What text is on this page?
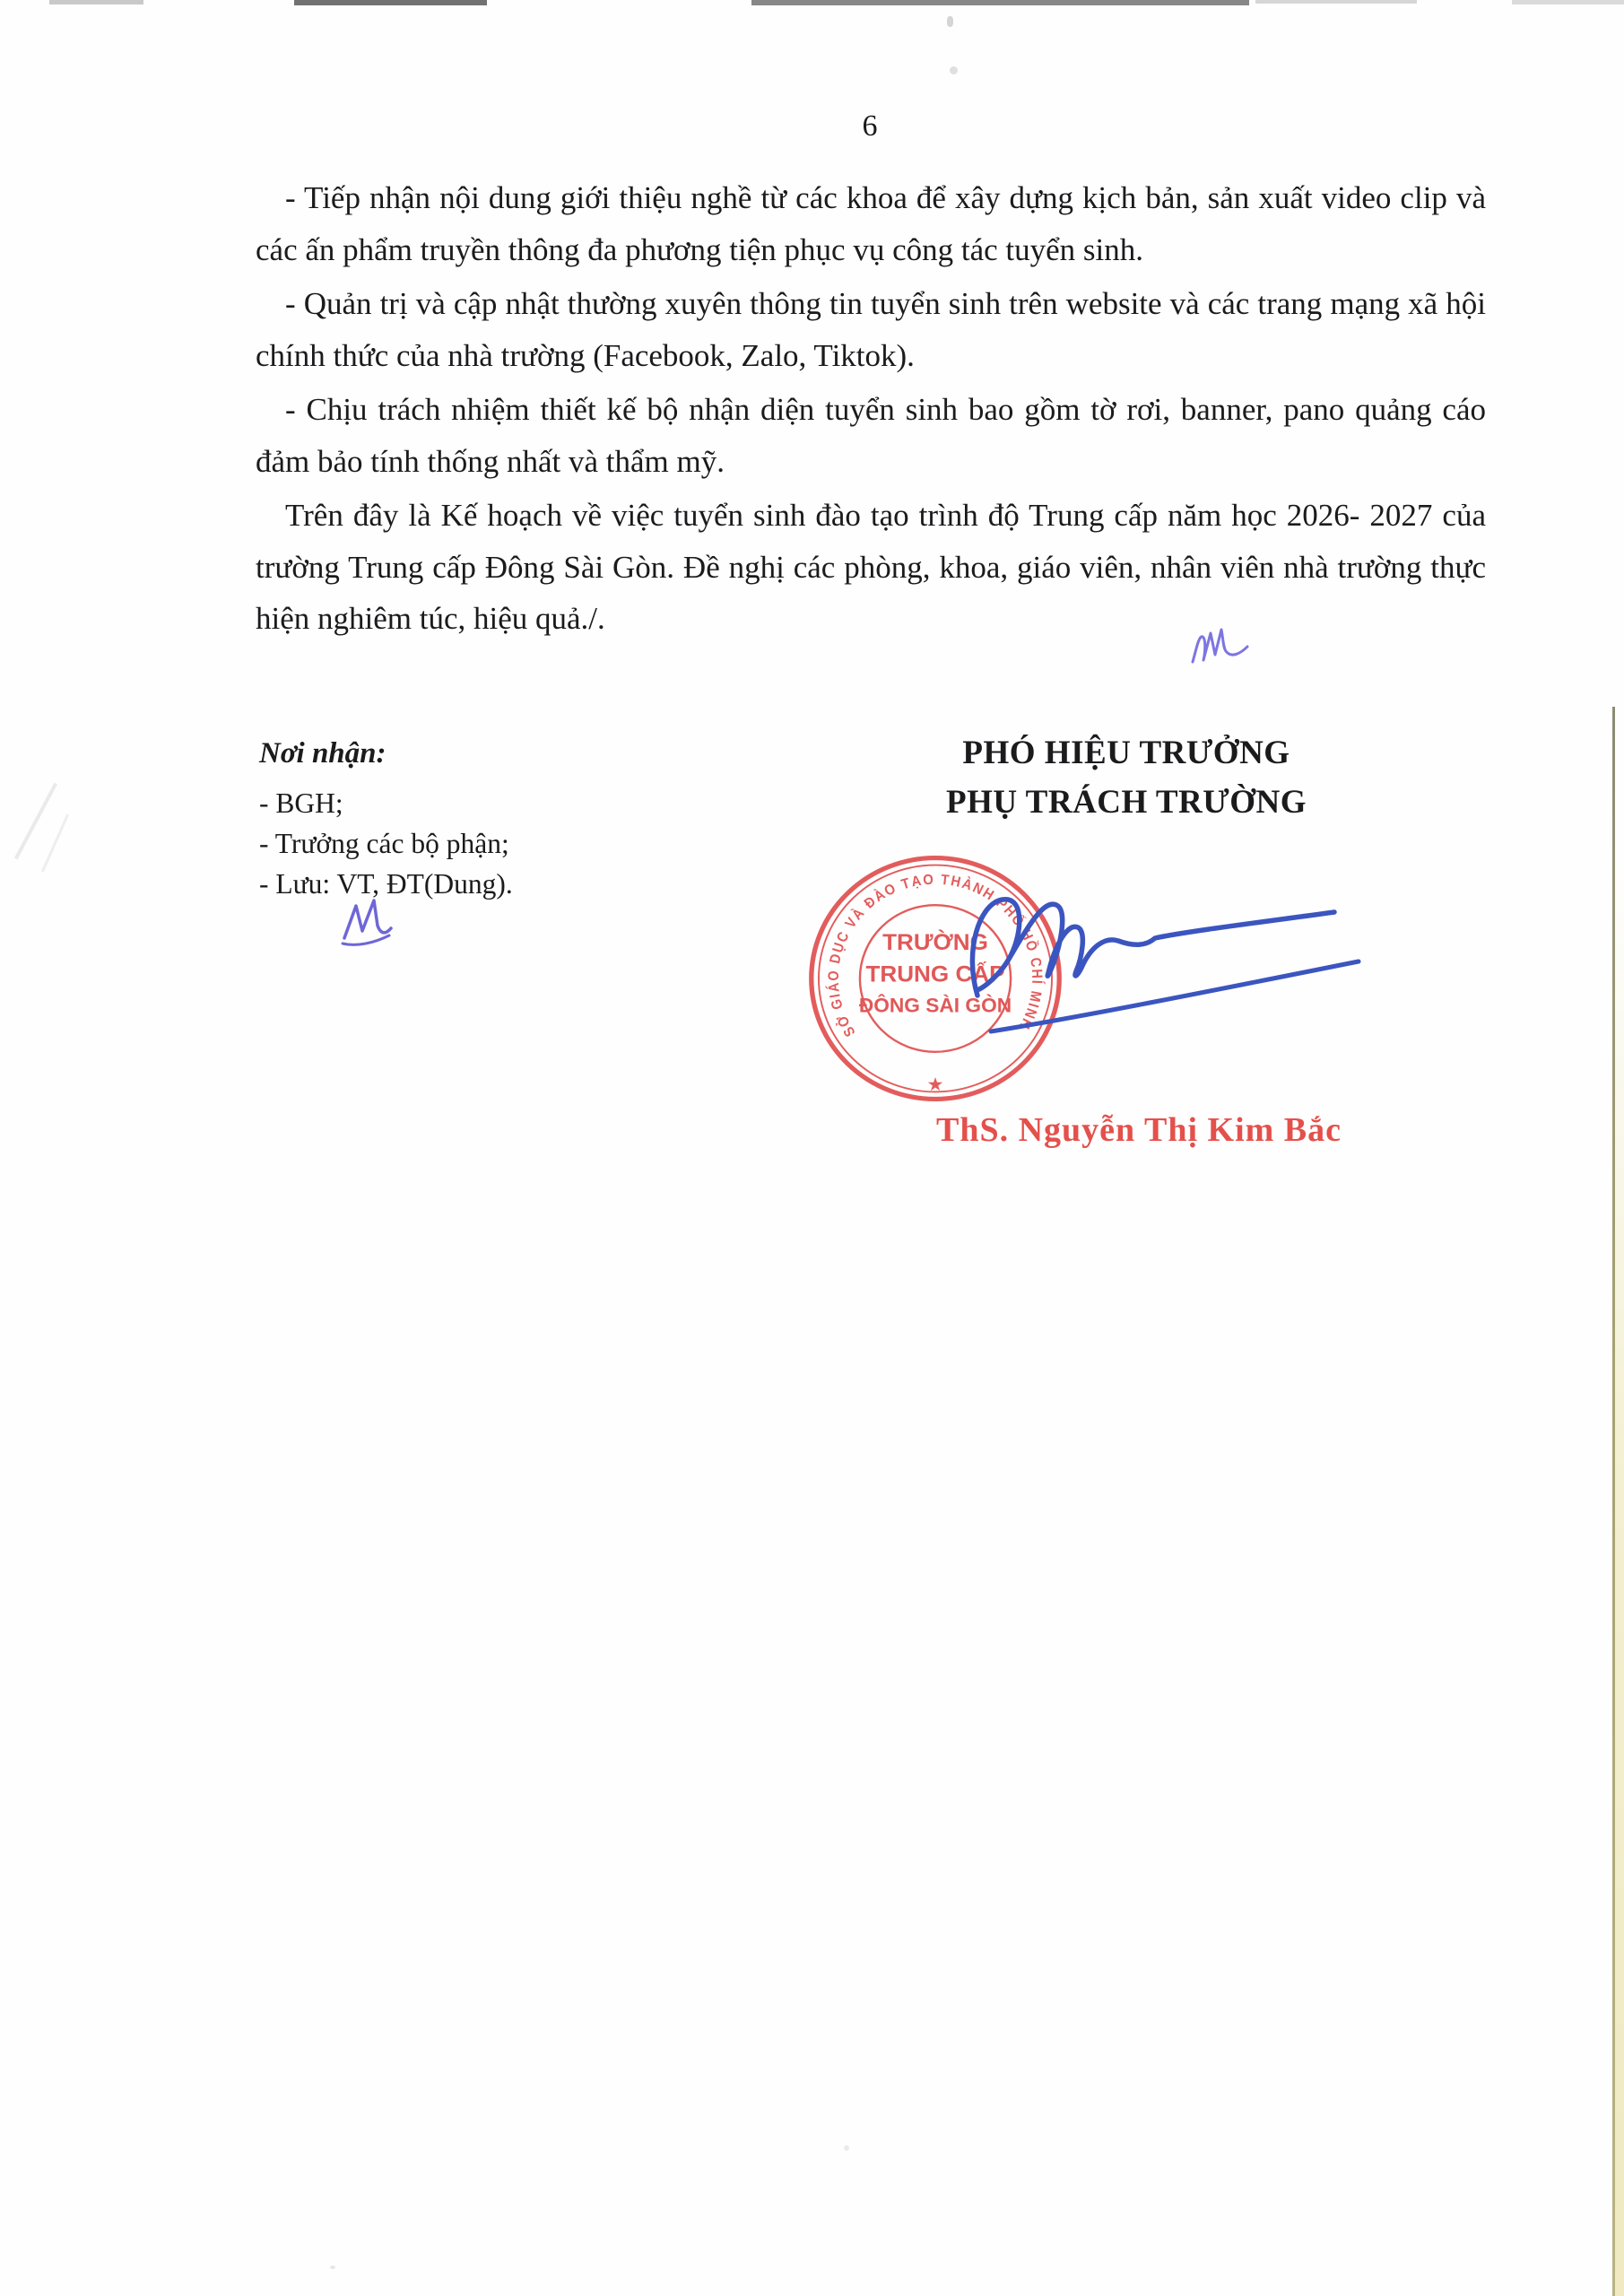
6

- Tiếp nhận nội dung giới thiệu nghề từ các khoa để xây dựng kịch bản, sản xuất video clip và các ấn phẩm truyền thông đa phương tiện phục vụ công tác tuyển sinh.

- Quản trị và cập nhật thường xuyên thông tin tuyển sinh trên website và các trang mạng xã hội chính thức của nhà trường (Facebook, Zalo, Tiktok).

- Chịu trách nhiệm thiết kế bộ nhận diện tuyển sinh bao gồm tờ rơi, banner, pano quảng cáo đảm bảo tính thống nhất và thẩm mỹ.

Trên đây là Kế hoạch về việc tuyển sinh đào tạo trình độ Trung cấp năm học 2026- 2027 của trường Trung cấp Đông Sài Gòn. Đề nghị các phòng, khoa, giáo viên, nhân viên nhà trường thực hiện nghiêm túc, hiệu quả./.

Nơi nhận:
- BGH;
- Trưởng các bộ phận;
- Lưu: VT, ĐT(Dung).
PHÓ HIỆU TRƯỞNG
PHỤ TRÁCH TRƯỜNG
SỞ GIÁO DỤC VÀ ĐÀO TẠO THÀNH PHỐ HỒ CHÍ MINH
★
TRƯỜNG
TRUNG CẤP
ĐÔNG SÀI GÒN
ThS. Nguyễn Thị Kim Bắc
